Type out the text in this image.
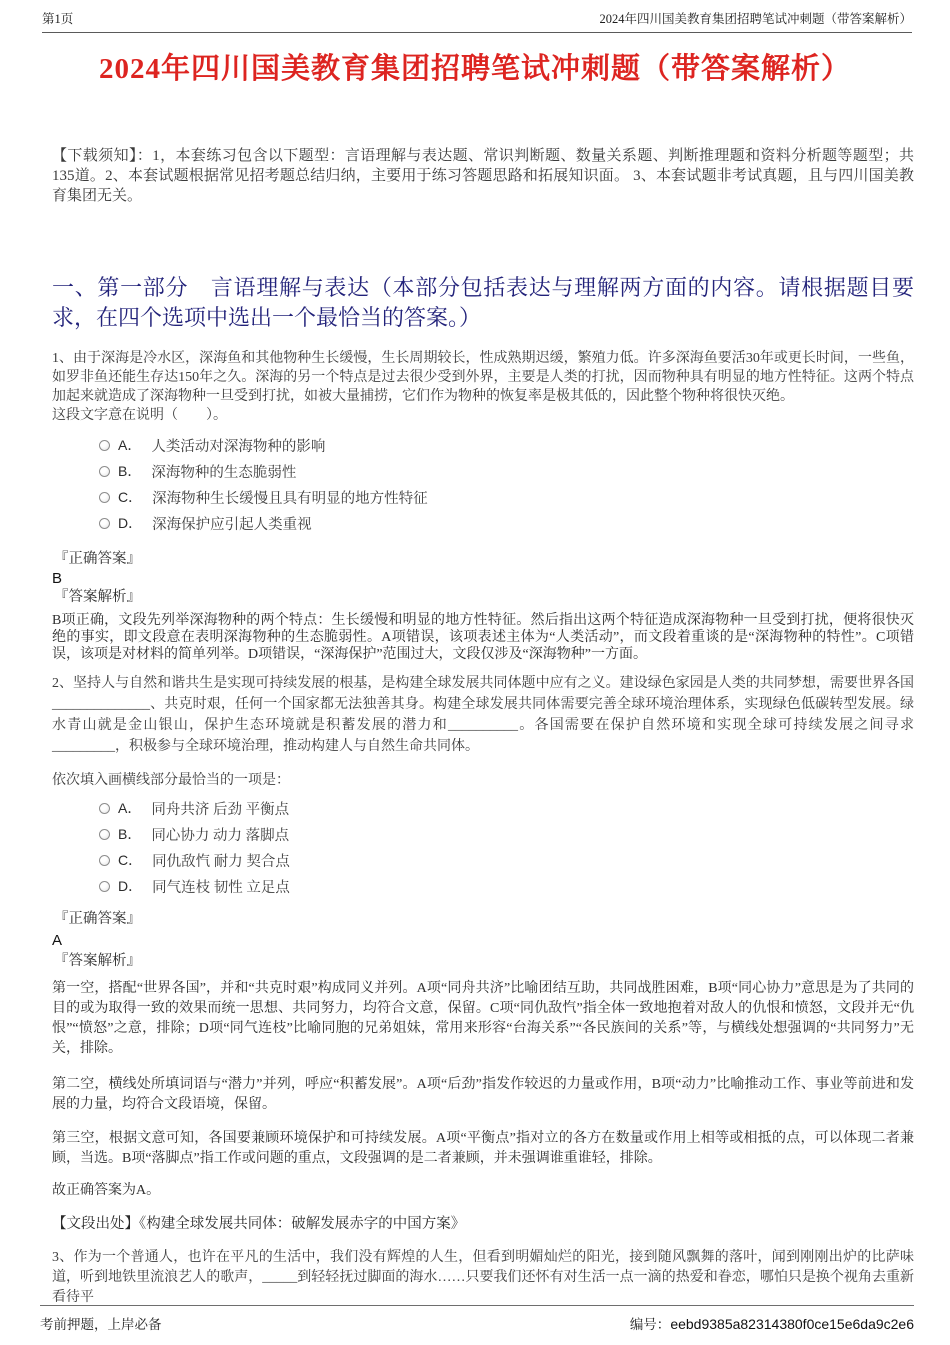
第1页	2024年四川国美教育集团招聘笔试冲刺题（带答案解析）
2024年四川国美教育集团招聘笔试冲刺题（带答案解析）

【下载须知】：1，本套练习包含以下题型：言语理解与表达题、常识判断题、数量关系题、判断推理题和资料分析题等题型；共135道。2、本套试题根据常见招考题总结归纳，主要用于练习答题思路和拓展知识面。 3、本套试题非考试真题，且与四川国美教育集团无关。

一、第一部分　言语理解与表达（本部分包括表达与理解两方面的内容。请根据题目要求，在四个选项中选出一个最恰当的答案。）

1、由于深海是冷水区，深海鱼和其他物种生长缓慢，生长周期较长，性成熟期迟缓，繁殖力低。许多深海鱼要活30年或更长时间，一些鱼，如罗非鱼还能生存达150年之久。深海的另一个特点是过去很少受到外界，主要是人类的打扰，因而物种具有明显的地方性特征。这两个特点加起来就造成了深海物种一旦受到打扰，如被大量捕捞，它们作为物种的恢复率是极其低的，因此整个物种将很快灭绝。

这段文字意在说明（　　）。

A． 人类活动对深海物种的影响
B． 深海物种的生态脆弱性
C． 深海物种生长缓慢且具有明显的地方性特征
D． 深海保护应引起人类重视

『正确答案』

B

『答案解析』

B项正确，文段先列举深海物种的两个特点：生长缓慢和明显的地方性特征。然后指出这两个特征造成深海物种一旦受到打扰，便将很快灭绝的事实，即文段意在表明深海物种的生态脆弱性。A项错误，该项表述主体为“人类活动”，而文段着重谈的是“深海物种的特性”。C项错误，该项是对材料的简单列举。D项错误，“深海保护”范围过大，文段仅涉及“深海物种”一方面。

2、坚持人与自然和谐共生是实现可持续发展的根基，是构建全球发展共同体题中应有之义。建设绿色家园是人类的共同梦想，需要世界各国______________、共克时艰，任何一个国家都无法独善其身。构建全球发展共同体需要完善全球环境治理体系，实现绿色低碳转型发展。绿水青山就是金山银山，保护生态环境就是积蓄发展的潜力和__________。各国需要在保护自然环境和实现全球可持续发展之间寻求_________，积极参与全球环境治理，推动构建人与自然生命共同体。

依次填入画横线部分最恰当的一项是：

A． 同舟共济 后劲 平衡点
B． 同心协力 动力 落脚点
C． 同仇敌忾 耐力 契合点
D． 同气连枝 韧性 立足点

『正确答案』

A

『答案解析』

第一空，搭配“世界各国”，并和“共克时艰”构成同义并列。A项“同舟共济”比喻团结互助，共同战胜困难，B项“同心协力”意思是为了共同的目的或为取得一致的效果而统一思想、共同努力，均符合文意，保留。C项“同仇敌忾”指全体一致地抱着对敌人的仇恨和愤怒，文段并无“仇恨”“愤怒”之意，排除；D项“同气连枝”比喻同胞的兄弟姐妹，常用来形容“台海关系”“各民族间的关系”等，与横线处想强调的“共同努力”无关，排除。

第二空，横线处所填词语与“潜力”并列，呼应“积蓄发展”。A项“后劲”指发作较迟的力量或作用，B项“动力”比喻推动工作、事业等前进和发展的力量，均符合文段语境，保留。

第三空，根据文意可知，各国要兼顾环境保护和可持续发展。A项“平衡点”指对立的各方在数量或作用上相等或相抵的点，可以体现二者兼顾，当选。B项“落脚点”指工作或问题的重点，文段强调的是二者兼顾，并未强调谁重谁轻，排除。

故正确答案为A。

【文段出处】《构建全球发展共同体：破解发展赤字的中国方案》

3、作为一个普通人，也许在平凡的生活中，我们没有辉煌的人生，但看到明媚灿烂的阳光，接到随风飘舞的落叶，闻到刚刚出炉的比萨味道，听到地铁里流浪艺人的歌声，_____到轻轻抚过脚面的海水……只要我们还怀有对生活一点一滴的热爱和眷恋，哪怕只是换个视角去重新看待平

考前押题，上岸必备	编号：eebd9385a82314380f0ce15e6da9c2e6
